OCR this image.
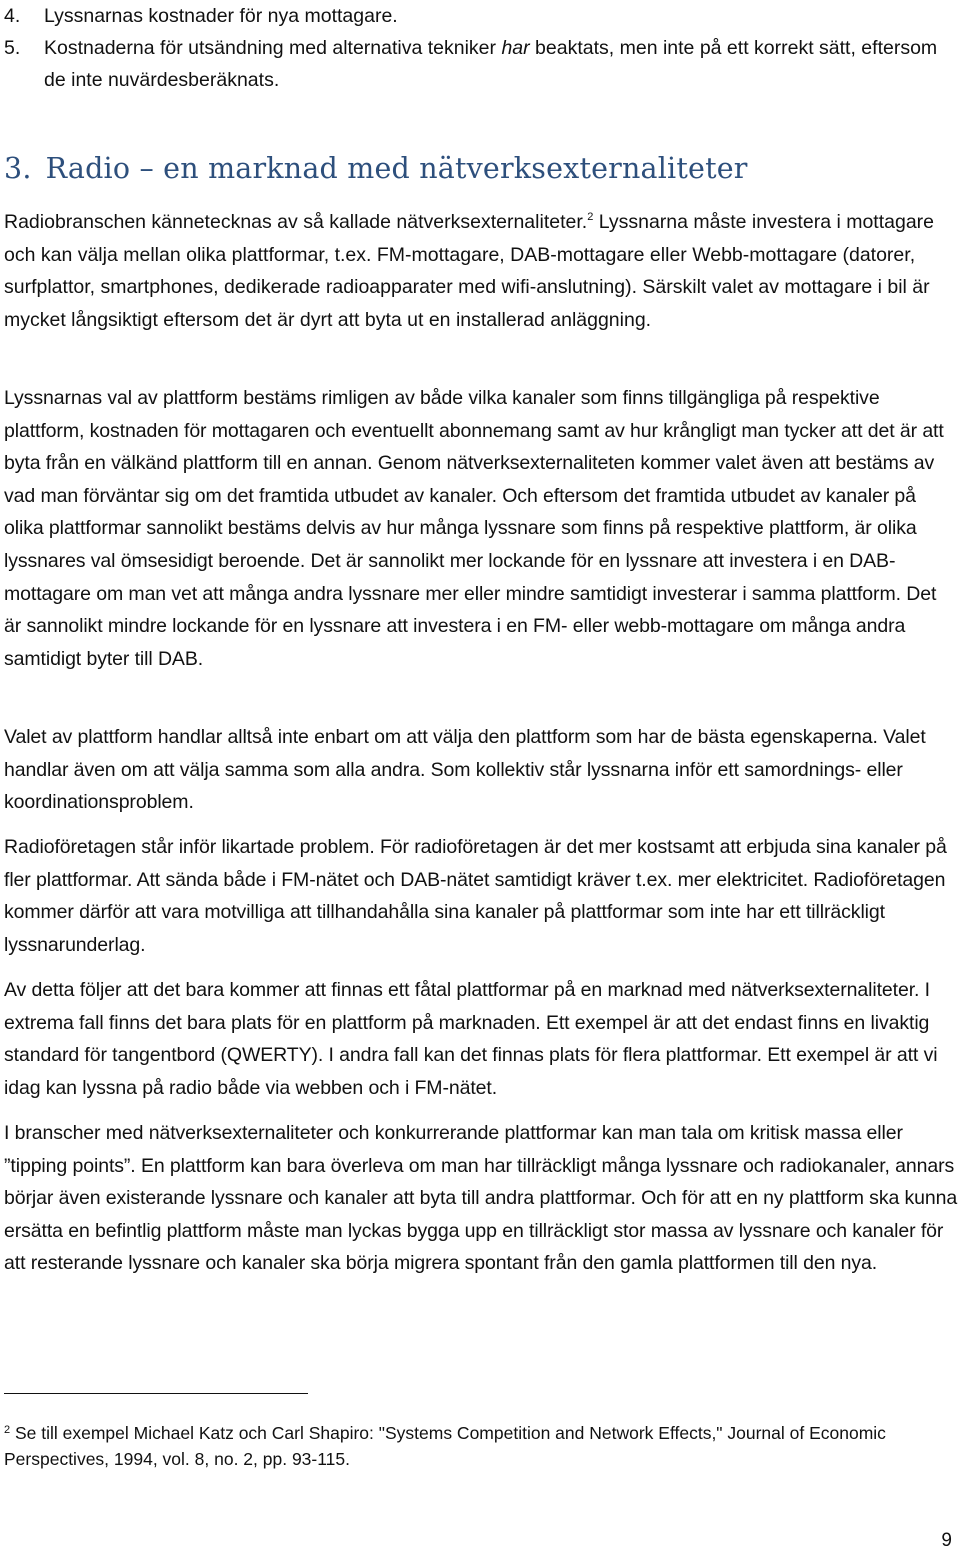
4.	Lyssnarnas kostnader för nya mottagare.
5.	Kostnaderna för utsändning med alternativa tekniker har beaktats, men inte på ett korrekt sätt, eftersom de inte nuvärdesberäknats.
3. Radio – en marknad med nätverksexternaliteter
Radiobranschen kännetecknas av så kallade nätverksexternaliteter.$^2$ Lyssnarna måste investera i mottagare och kan välja mellan olika plattformar, t.ex. FM-mottagare, DAB-mottagare eller Webb-mottagare (datorer, surfplattor, smartphones, dedikerade radioapparater med wifi-anslutning). Särskilt valet av mottagare i bil är mycket långsiktigt eftersom det är dyrt att byta ut en installerad anläggning.
Lyssnarnas val av plattform bestäms rimligen av både vilka kanaler som finns tillgängliga på respektive plattform, kostnaden för mottagaren och eventuellt abonnemang samt av hur krångligt man tycker att det är att byta från en välkänd plattform till en annan. Genom nätverksexternaliteten kommer valet även att bestäms av vad man förväntar sig om det framtida utbudet av kanaler. Och eftersom det framtida utbudet av kanaler på olika plattformar sannolikt bestäms delvis av hur många lyssnare som finns på respektive plattform, är olika lyssnares val ömsesidigt beroende. Det är sannolikt mer lockande för en lyssnare att investera i en DAB-mottagare om man vet att många andra lyssnare mer eller mindre samtidigt investerar i samma plattform. Det är sannolikt mindre lockande för en lyssnare att investera i en FM- eller webb-mottagare om många andra samtidigt byter till DAB.
Valet av plattform handlar alltså inte enbart om att välja den plattform som har de bästa egenskaperna. Valet handlar även om att välja samma som alla andra. Som kollektiv står lyssnarna inför ett samordnings- eller koordinationsproblem.
Radioföretagen står inför likartade problem. För radioföretagen är det mer kostsamt att erbjuda sina kanaler på fler plattformar. Att sända både i FM-nätet och DAB-nätet samtidigt kräver t.ex. mer elektricitet. Radioföretagen kommer därför att vara motvilliga att tillhandahålla sina kanaler på plattformar som inte har ett tillräckligt lyssnarunderlag.
Av detta följer att det bara kommer att finnas ett fåtal plattformar på en marknad med nätverksexternaliteter. I extrema fall finns det bara plats för en plattform på marknaden. Ett exempel är att det endast finns en livaktig standard för tangentbord (QWERTY). I andra fall kan det finnas plats för flera plattformar. Ett exempel är att vi idag kan lyssna på radio både via webben och i FM-nätet.
I branscher med nätverksexternaliteter och konkurrerande plattformar kan man tala om kritisk massa eller ”tipping points”. En plattform kan bara överleva om man har tillräckligt många lyssnare och radiokanaler, annars börjar även existerande lyssnare och kanaler att byta till andra plattformar. Och för att en ny plattform ska kunna ersätta en befintlig plattform måste man lyckas bygga upp en tillräckligt stor massa av lyssnare och kanaler för att resterande lyssnare och kanaler ska börja migrera spontant från den gamla plattformen till den nya.
$^2$ Se till exempel Michael Katz och Carl Shapiro: "Systems Competition and Network Effects," Journal of Economic Perspectives, 1994, vol. 8, no. 2, pp. 93-115.
9
